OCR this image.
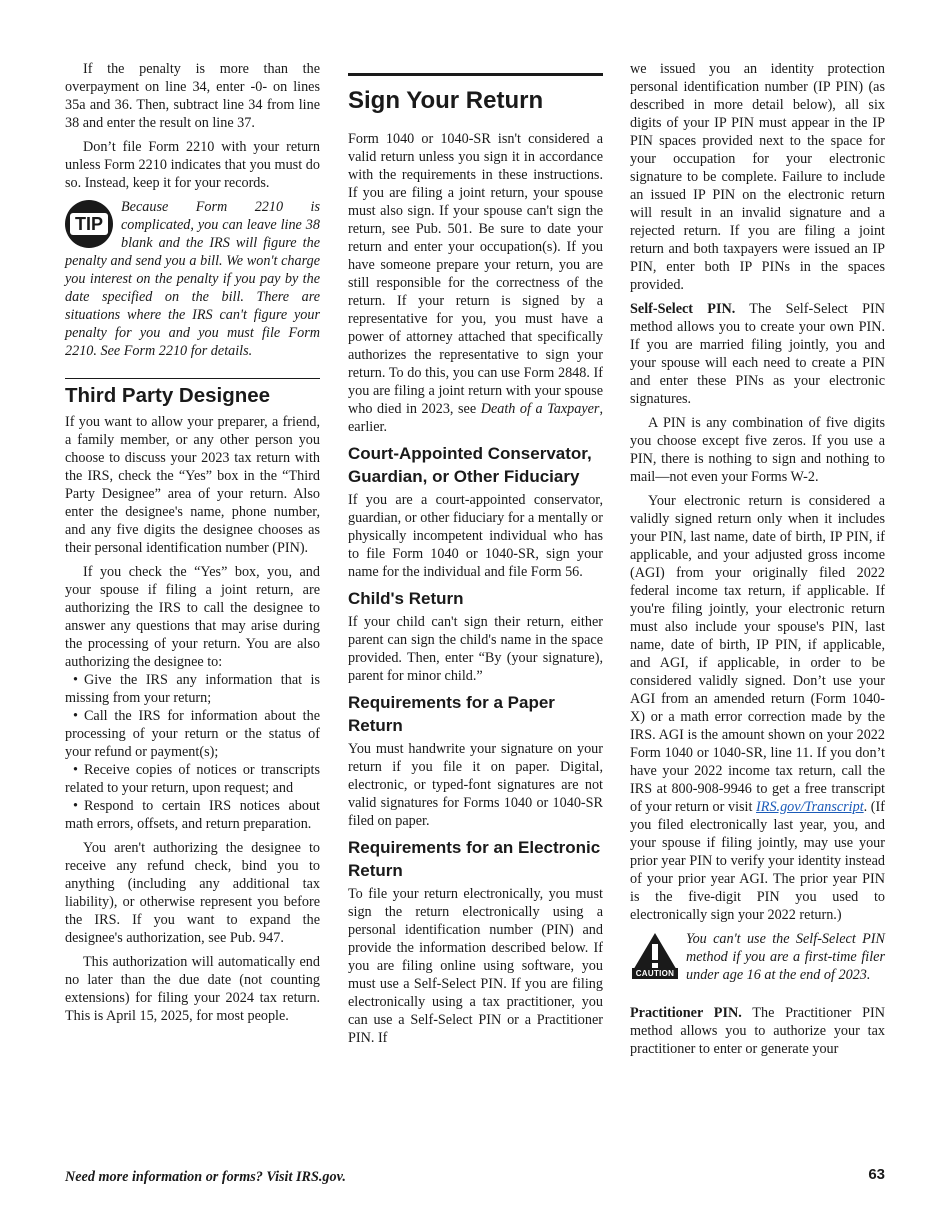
If the penalty is more than the overpayment on line 34, enter -0- on lines 35a and 36. Then, subtract line 34 from line 38 and enter the result on line 37.

Don’t file Form 2210 with your return unless Form 2210 indicates that you must do so. Instead, keep it for your records.

TIP

Because Form 2210 is complicated, you can leave line 38 blank and the IRS will figure the penalty and send you a bill. We won't charge you interest on the penalty if you pay by the date specified on the bill. There are situations where the IRS can't figure your penalty for you and you must file Form 2210. See Form 2210 for details.

Third Party Designee

If you want to allow your preparer, a friend, a family member, or any other person you choose to discuss your 2023 tax return with the IRS, check the “Yes” box in the “Third Party Designee” area of your return. Also enter the designee's name, phone number, and any five digits the designee chooses as their personal identification number (PIN).

If you check the “Yes” box, you, and your spouse if filing a joint return, are authorizing the IRS to call the designee to answer any questions that may arise during the processing of your return. You are also authorizing the designee to:

• Give the IRS any information that is missing from your return;

• Call the IRS for information about the processing of your return or the status of your refund or payment(s);

• Receive copies of notices or transcripts related to your return, upon request; and

• Respond to certain IRS notices about math errors, offsets, and return preparation.

You aren't authorizing the designee to receive any refund check, bind you to anything (including any additional tax liability), or otherwise represent you before the IRS. If you want to expand the designee's authorization, see Pub. 947.

This authorization will automatically end no later than the due date (not counting extensions) for filing your 2024 tax return. This is April 15, 2025, for most people.

Sign Your Return

Form 1040 or 1040-SR isn't considered a valid return unless you sign it in accordance with the requirements in these instructions. If you are filing a joint return, your spouse must also sign. If your spouse can't sign the return, see Pub. 501. Be sure to date your return and enter your occupation(s). If you have someone prepare your return, you are still responsible for the correctness of the return. If your return is signed by a representative for you, you must have a power of attorney attached that specifically authorizes the representative to sign your return. To do this, you can use Form 2848. If you are filing a joint return with your spouse who died in 2023, see Death of a Taxpayer, earlier.

Court-Appointed Conservator, Guardian, or Other Fiduciary

If you are a court-appointed conservator, guardian, or other fiduciary for a mentally or physically incompetent individual who has to file Form 1040 or 1040-SR, sign your name for the individual and file Form 56.

Child's Return

If your child can't sign their return, either parent can sign the child's name in the space provided. Then, enter “By (your signature), parent for minor child.”

Requirements for a Paper Return

You must handwrite your signature on your return if you file it on paper. Digital, electronic, or typed-font signatures are not valid signatures for Forms 1040 or 1040-SR filed on paper.

Requirements for an Electronic Return

To file your return electronically, you must sign the return electronically using a personal identification number (PIN) and provide the information described below. If you are filing online using software, you must use a Self-Select PIN. If you are filing electronically using a tax practitioner, you can use a Self-Select PIN or a Practitioner PIN. If

we issued you an identity protection personal identification number (IP PIN) (as described in more detail below), all six digits of your IP PIN must appear in the IP PIN spaces provided next to the space for your occupation for your electronic signature to be complete. Failure to include an issued IP PIN on the electronic return will result in an invalid signature and a rejected return. If you are filing a joint return and both taxpayers were issued an IP PIN, enter both IP PINs in the spaces provided.

Self-Select PIN. The Self-Select PIN method allows you to create your own PIN. If you are married filing jointly, you and your spouse will each need to create a PIN and enter these PINs as your electronic signatures.

A PIN is any combination of five digits you choose except five zeros. If you use a PIN, there is nothing to sign and nothing to mail—not even your Forms W-2.

Your electronic return is considered a validly signed return only when it includes your PIN, last name, date of birth, IP PIN, if applicable, and your adjusted gross income (AGI) from your originally filed 2022 federal income tax return, if applicable. If you're filing jointly, your electronic return must also include your spouse's PIN, last name, date of birth, IP PIN, if applicable, and AGI, if applicable, in order to be considered validly signed. Don’t use your AGI from an amended return (Form 1040-X) or a math error correction made by the IRS. AGI is the amount shown on your 2022 Form 1040 or 1040-SR, line 11. If you don’t have your 2022 income tax return, call the IRS at 800-908-9946 to get a free transcript of your return or visit IRS.gov/Transcript. (If you filed electronically last year, you, and your spouse if filing jointly, may use your prior year PIN to verify your identity instead of your prior year AGI. The prior year PIN is the five-digit PIN you used to electronically sign your 2022 return.)

CAUTION

You can't use the Self-Select PIN method if you are a first-time filer under age 16 at the end of 2023.

Practitioner PIN. The Practitioner PIN method allows you to authorize your tax practitioner to enter or generate your

Need more information or forms? Visit IRS.gov.	63
